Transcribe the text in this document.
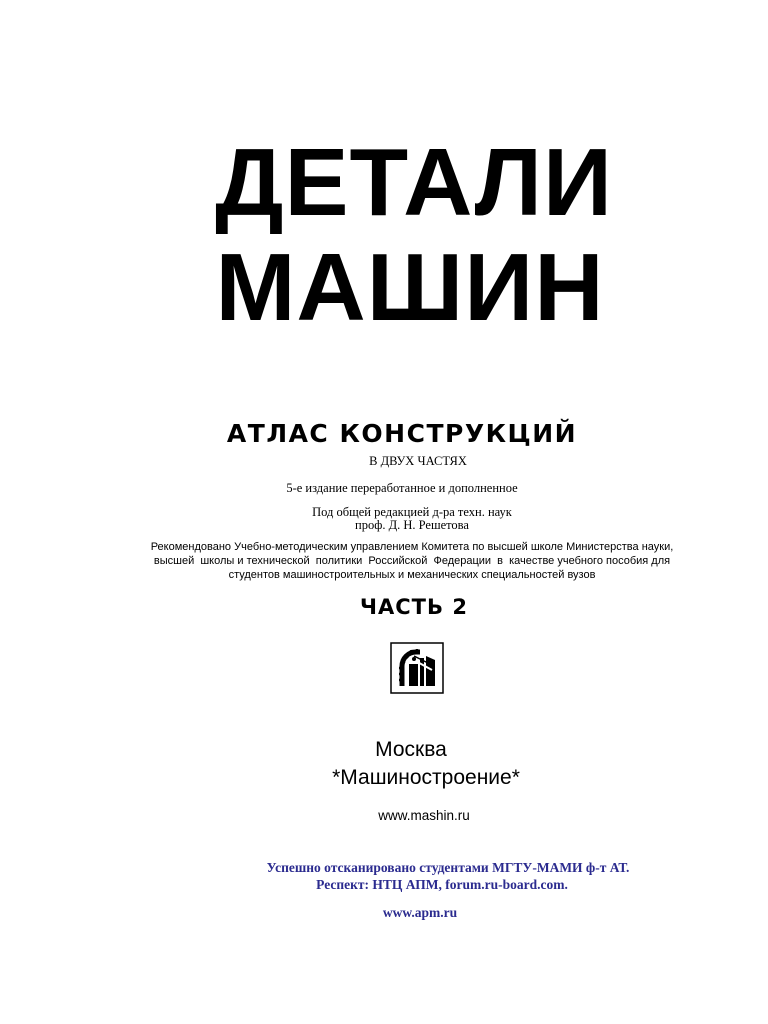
ДЕТАЛИ
МАШИН
АТЛАС КОНСТРУКЦИЙ
В ДВУХ ЧАСТЯХ
5-е издание переработанное и дополненное
Под общей редакцией д-ра техн. наук
проф. Д. Н. Решетова
Рекомендовано Учебно-методическим управлением Комитета по высшей школе Министерства науки,
высшей  школы и технической  политики  Российской  Федерации  в  качестве учебного пособия для
студентов машиностроительных и механических специальностей вузов
ЧАСТЬ 2
Москва
*Машиностроение*
www.mashin.ru
Успешно отсканировано студентами МГТУ-МАМИ ф-т АТ.
Респект: НТЦ АПМ, forum.ru-board.com.
www.apm.ru
